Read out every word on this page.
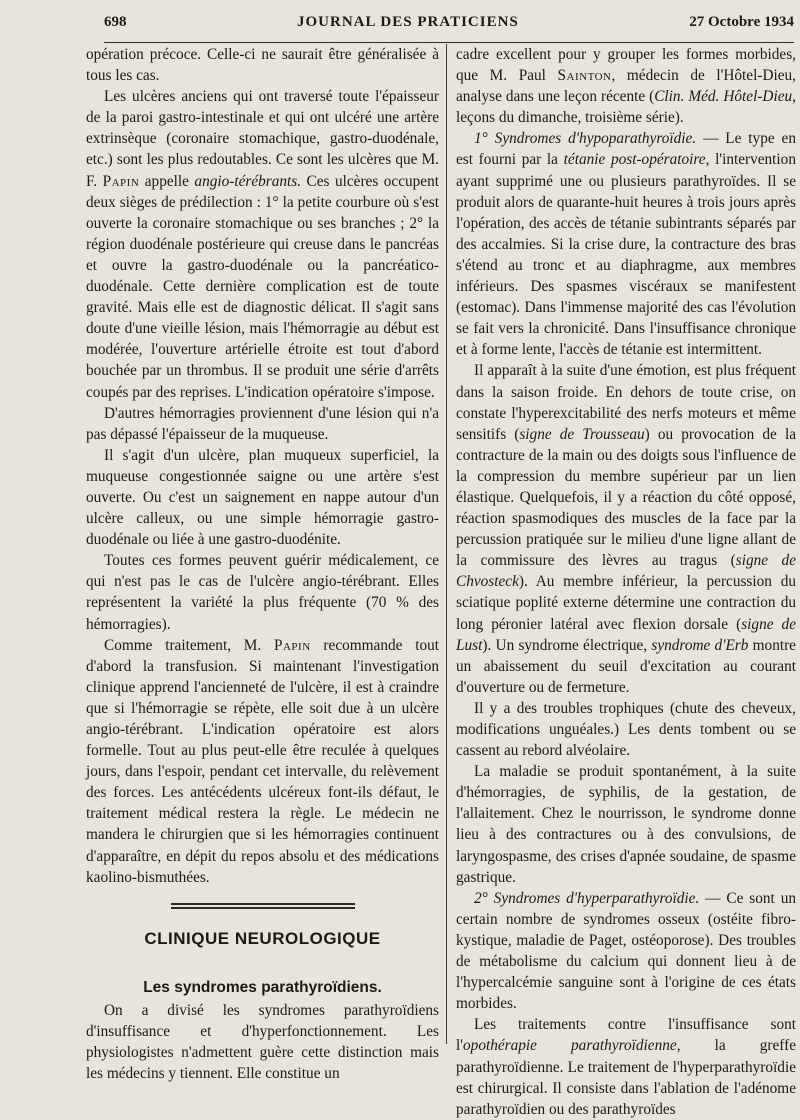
698	JOURNAL DES PRATICIENS	27 Octobre 1934

opération précoce. Celle-ci ne saurait être généralisée à tous les cas.

Les ulcères anciens qui ont traversé toute l'épaisseur de la paroi gastro-intestinale et qui ont ulcéré une artère extrinsèque (coronaire stomachique, gastro-duodénale, etc.) sont les plus redoutables. Ce sont les ulcères que M. F. Papin appelle angio-térébrants. Ces ulcères occupent deux sièges de prédilection : 1° la petite courbure où s'est ouverte la coronaire stomachique ou ses branches ; 2° la région duodénale postérieure qui creuse dans le pancréas et ouvre la gastro-duodénale ou la pancréatico-duodénale. Cette dernière complication est de toute gravité. Mais elle est de diagnostic délicat. Il s'agit sans doute d'une vieille lésion, mais l'hémorragie au début est modérée, l'ouverture artérielle étroite est tout d'abord bouchée par un thrombus. Il se produit une série d'arrêts coupés par des reprises. L'indication opératoire s'impose.

D'autres hémorragies proviennent d'une lésion qui n'a pas dépassé l'épaisseur de la muqueuse.

Il s'agit d'un ulcère, plan muqueux superficiel, la muqueuse congestionnée saigne ou une artère s'est ouverte. Ou c'est un saignement en nappe autour d'un ulcère calleux, ou une simple hémorragie gastro-duodénale ou liée à une gastro-duodénite.

Toutes ces formes peuvent guérir médicalement, ce qui n'est pas le cas de l'ulcère angio-térébrant. Elles représentent la variété la plus fréquente (70 % des hémorragies).

Comme traitement, M. Papin recommande tout d'abord la transfusion. Si maintenant l'investigation clinique apprend l'ancienneté de l'ulcère, il est à craindre que si l'hémorragie se répète, elle soit due à un ulcère angio-térébrant. L'indication opératoire est alors formelle. Tout au plus peut-elle être reculée à quelques jours, dans l'espoir, pendant cet intervalle, du relèvement des forces. Les antécédents ulcéreux font-ils défaut, le traitement médical restera la règle. Le médecin ne mandera le chirurgien que si les hémorragies continuent d'apparaître, en dépit du repos absolu et des médications kaolino-bismuthées.

CLINIQUE NEUROLOGIQUE
Les syndromes parathyroïdiens.

On a divisé les syndromes parathyroïdiens d'insuffisance et d'hyperfonctionnement. Les physiologistes n'admettent guère cette distinction mais les médecins y tiennent. Elle constitue un

cadre excellent pour y grouper les formes morbides, que M. Paul Sainton, médecin de l'Hôtel-Dieu, analyse dans une leçon récente (Clin. Méd. Hôtel-Dieu, leçons du dimanche, troisième série).

1° Syndromes d'hypoparathyroïdie. — Le type en est fourni par la tétanie post-opératoire, l'intervention ayant supprimé une ou plusieurs parathyroïdes. Il se produit alors de quarante-huit heures à trois jours après l'opération, des accès de tétanie subintrants séparés par des accalmies. Si la crise dure, la contracture des bras s'étend au tronc et au diaphragme, aux membres inférieurs. Des spasmes viscéraux se manifestent (estomac). Dans l'immense majorité des cas l'évolution se fait vers la chronicité. Dans l'insuffisance chronique et à forme lente, l'accès de tétanie est intermittent.

Il apparaît à la suite d'une émotion, est plus fréquent dans la saison froide. En dehors de toute crise, on constate l'hyperexcitabilité des nerfs moteurs et même sensitifs (signe de Trousseau) ou provocation de la contracture de la main ou des doigts sous l'influence de la compression du membre supérieur par un lien élastique. Quelquefois, il y a réaction du côté opposé, réaction spasmodiques des muscles de la face par la percussion pratiquée sur le milieu d'une ligne allant de la commissure des lèvres au tragus (signe de Chvosteck). Au membre inférieur, la percussion du sciatique poplité externe détermine une contraction du long péronier latéral avec flexion dorsale (signe de Lust). Un syndrome électrique, syndrome d'Erb montre un abaissement du seuil d'excitation au courant d'ouverture ou de fermeture.

Il y a des troubles trophiques (chute des cheveux, modifications unguéales.) Les dents tombent ou se cassent au rebord alvéolaire.

La maladie se produit spontanément, à la suite d'hémorragies, de syphilis, de la gestation, de l'allaitement. Chez le nourrisson, le syndrome donne lieu à des contractures ou à des convulsions, de laryngospasme, des crises d'apnée soudaine, de spasme gastrique.

2° Syndromes d'hyperparathyroïdie. — Ce sont un certain nombre de syndromes osseux (ostéite fibro-kystique, maladie de Paget, ostéoporose). Des troubles de métabolisme du calcium qui donnent lieu à de l'hypercalcémie sanguine sont à l'origine de ces états morbides.

Les traitements contre l'insuffisance sont l'opothérapie parathyroïdienne, la greffe parathyroïdienne. Le traitement de l'hyperparathyroïdie est chirurgical. Il consiste dans l'ablation de l'adénome parathyroïdien ou des parathyroïdes
